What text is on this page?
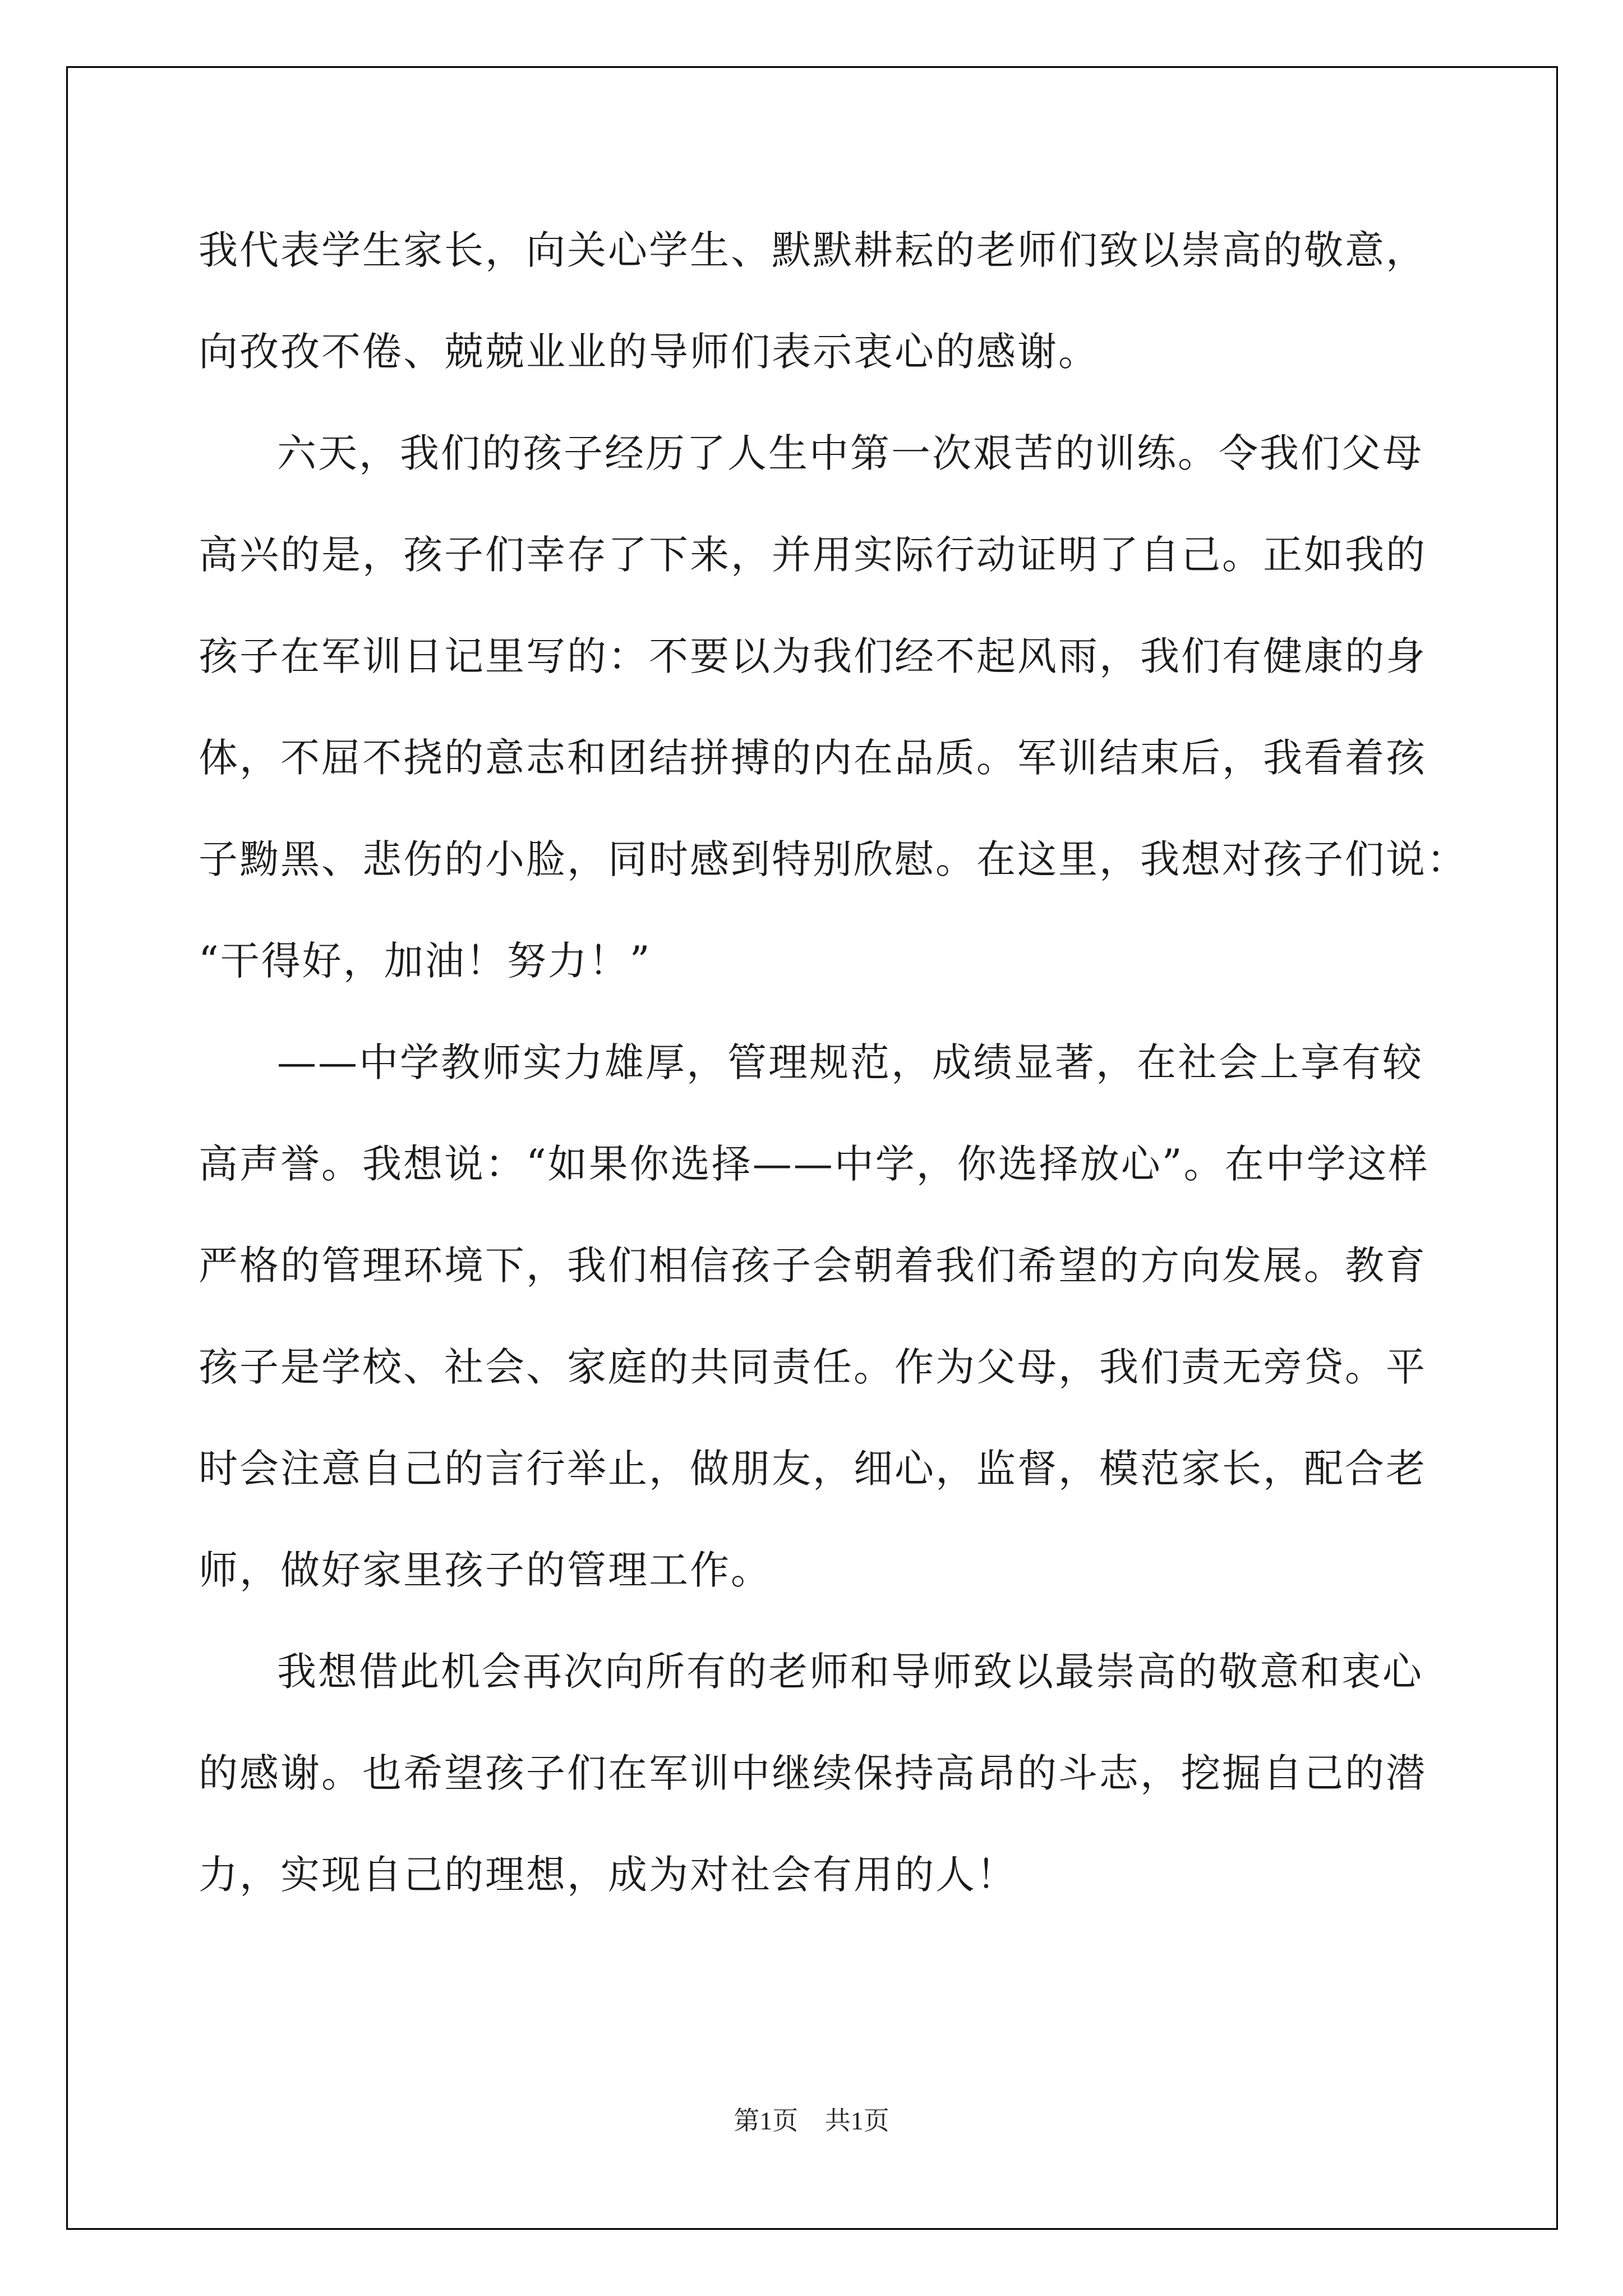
我代表学生家长，向关心学生、默默耕耘的老师们致以崇高的敬意，
向孜孜不倦、兢兢业业的导师们表示衷心的感谢。
六天，我们的孩子经历了人生中第一次艰苦的训练。令我们父母
高兴的是，孩子们幸存了下来，并用实际行动证明了自己。正如我的
孩子在军训日记里写的：不要以为我们经不起风雨，我们有健康的身
体，不屈不挠的意志和团结拼搏的内在品质。军训结束后，我看着孩
子黝黑、悲伤的小脸，同时感到特别欣慰。在这里，我想对孩子们说：
“干得好，加油！努力！”
——中学教师实力雄厚，管理规范，成绩显著，在社会上享有较
高声誉。我想说：“如果你选择——中学，你选择放心”。在中学这样
严格的管理环境下，我们相信孩子会朝着我们希望的方向发展。教育
孩子是学校、社会、家庭的共同责任。作为父母，我们责无旁贷。平
时会注意自己的言行举止，做朋友，细心，监督，模范家长，配合老
师，做好家里孩子的管理工作。
我想借此机会再次向所有的老师和导师致以最崇高的敬意和衷心
的感谢。也希望孩子们在军训中继续保持高昂的斗志，挖掘自己的潜
力，实现自己的理想，成为对社会有用的人！
第1页 共1页
